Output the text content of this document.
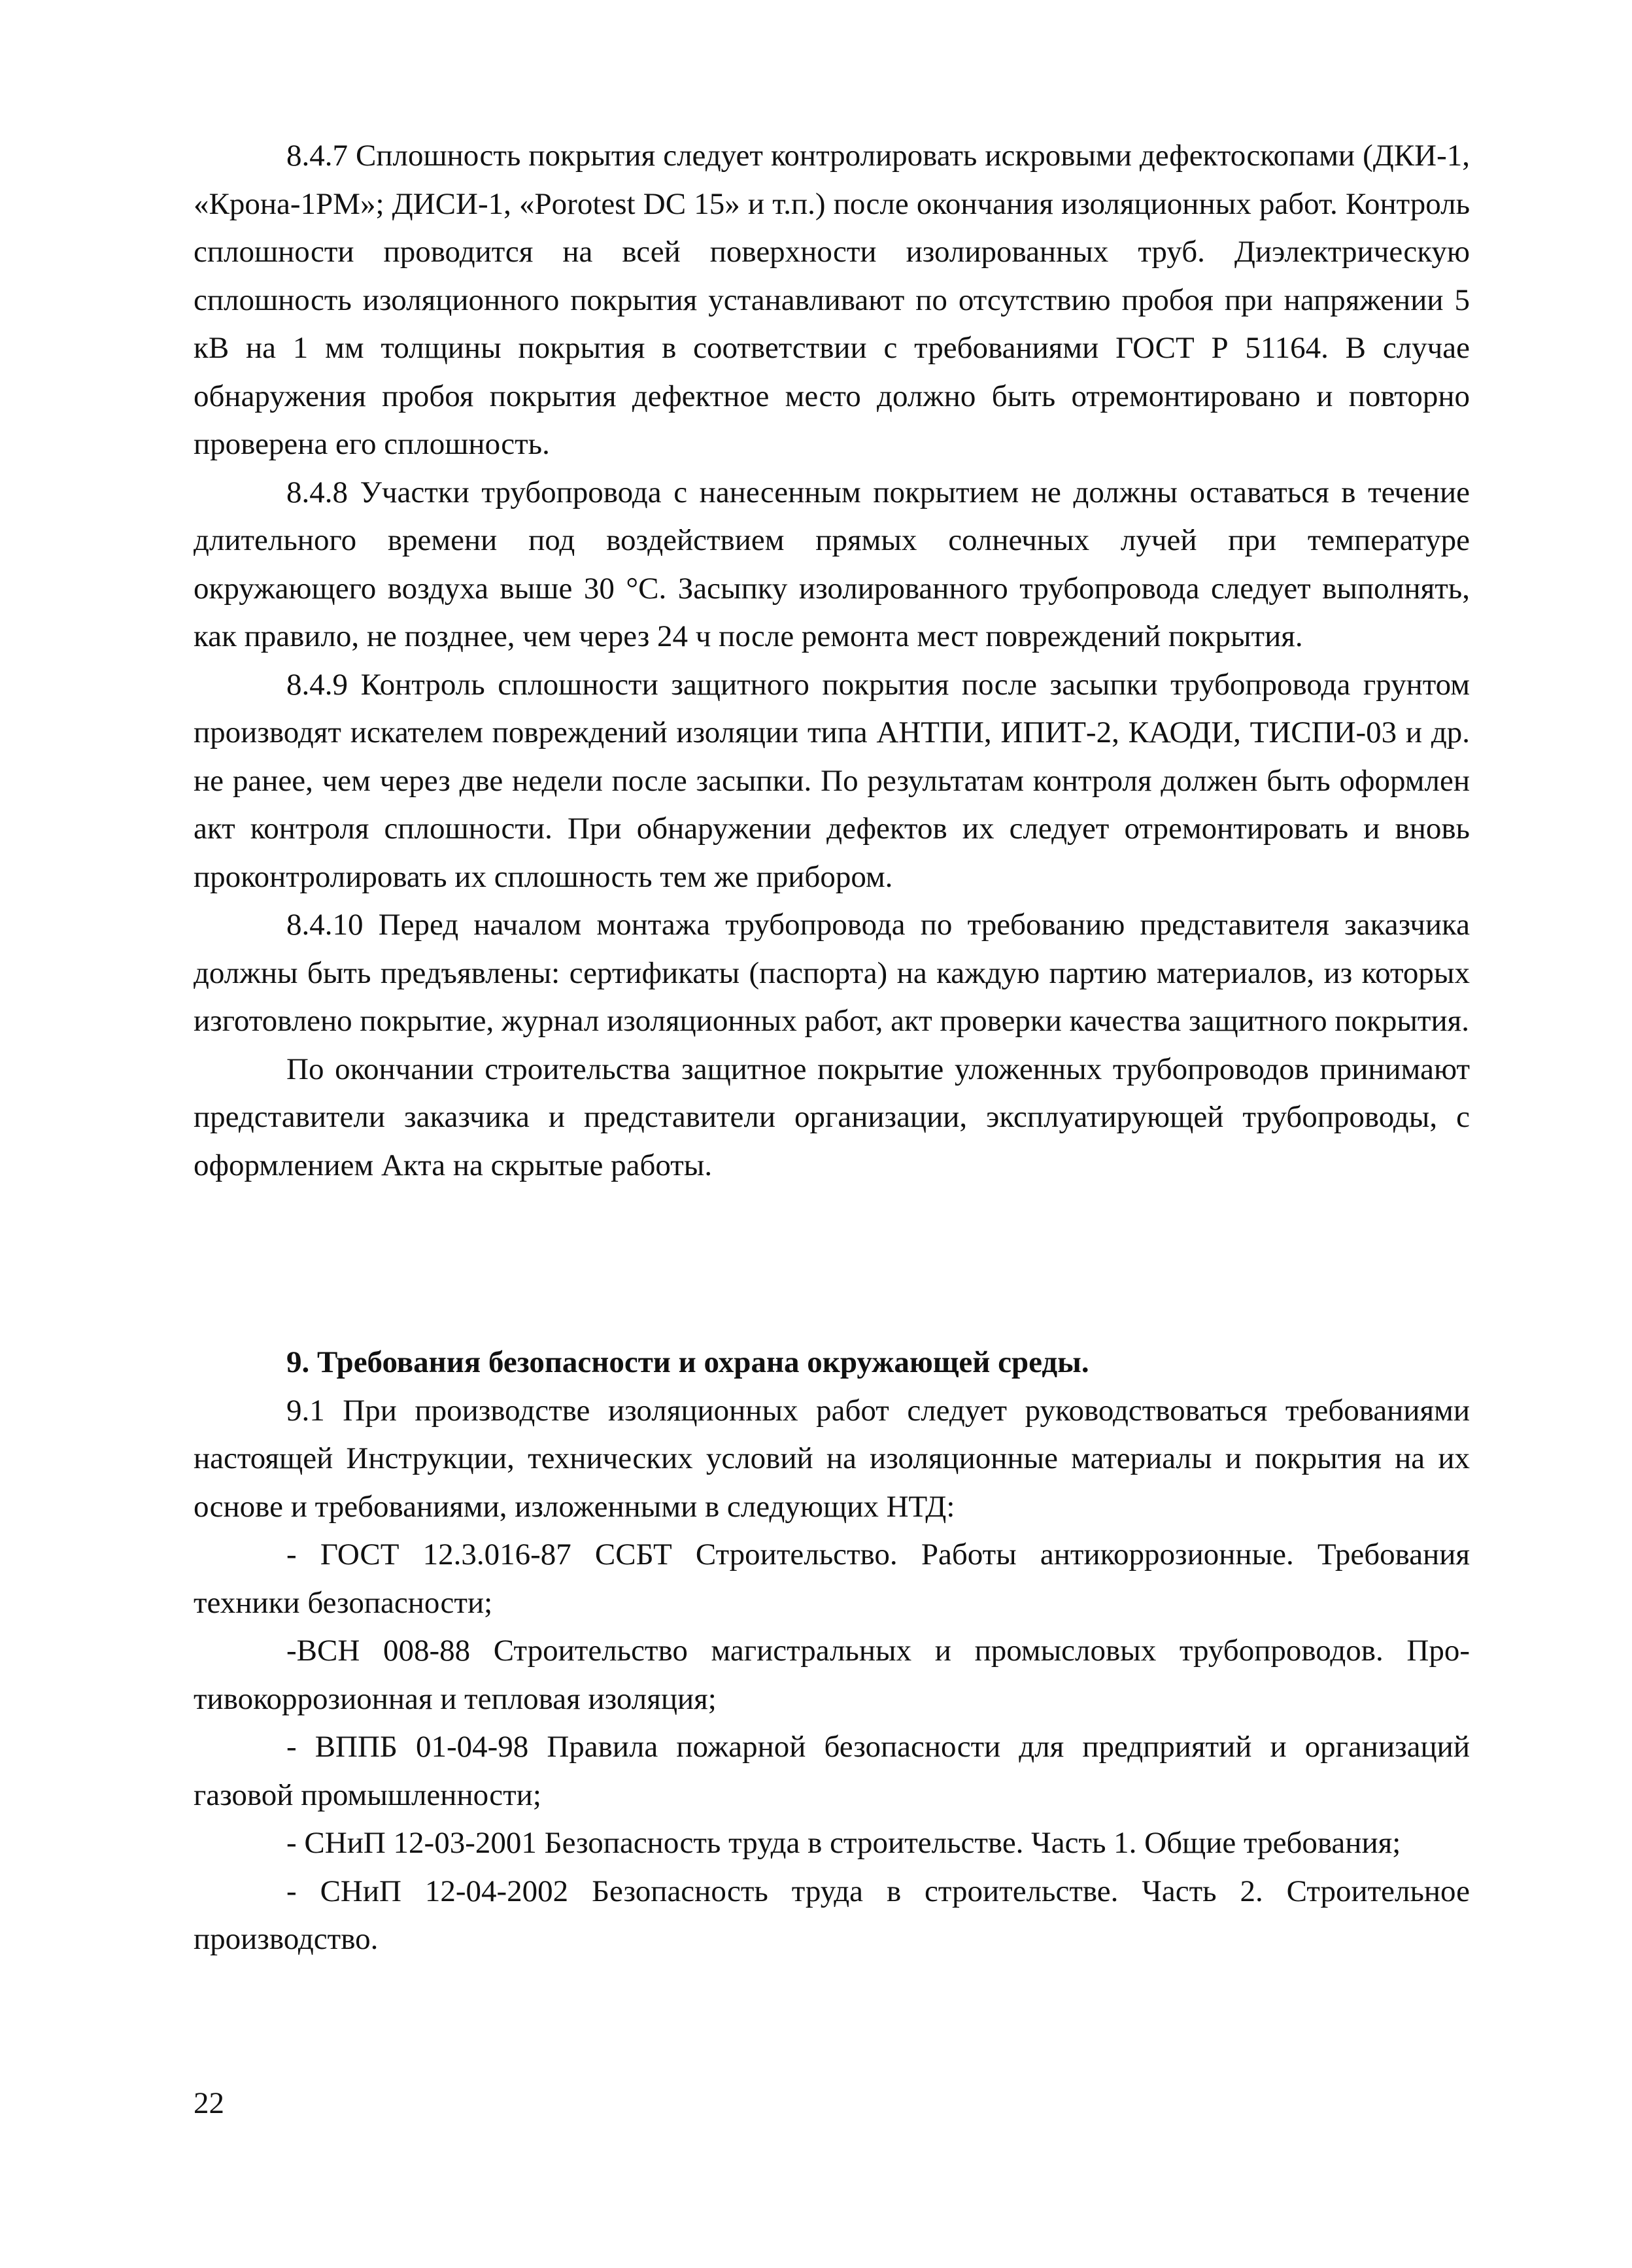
8.4.7 Сплошность покрытия следует контролировать искровыми дефектоскопами (ДКИ-1, «Крона-1РМ»; ДИСИ-1, «Porotest DC 15» и т.п.) после окончания изоляционных работ. Контроль сплошности проводится на всей поверхности изолированных труб. Диэлектрическую сплошность изоляционного покрытия устанавливают по отсутствию пробоя при напряжении 5 кВ на 1 мм толщины покрытия в соответствии с требованиями ГОСТ Р 51164. В случае обнаружения пробоя покрытия дефектное место должно быть отремонтировано и повторно проверена его сплошность.

8.4.8 Участки трубопровода с нанесенным покрытием не должны оставаться в течение длительного времени под воздействием прямых солнечных лучей при температуре окружающего воздуха выше 30 °С. Засыпку изолированного трубопровода следует выполнять, как правило, не позднее, чем через 24 ч после ремонта мест повреждений покрытия.

8.4.9 Контроль сплошности защитного покрытия после засыпки трубопровода грунтом производят искателем повреждений изоляции типа АНТПИ, ИПИТ-2, КАОДИ, ТИСПИ-03 и др. не ранее, чем через две недели после засыпки. По результатам контроля должен быть оформлен акт контроля сплошности. При обнаружении дефектов их следует отремонтировать и вновь проконтролировать их сплошность тем же прибором.

8.4.10 Перед началом монтажа трубопровода по требованию представителя заказчика должны быть предъявлены: сертификаты (паспорта) на каждую партию материалов, из которых изготовлено покрытие, журнал изоляционных работ, акт проверки качества защитного покрытия.

По окончании строительства защитное покрытие уложенных трубопроводов принимают представители заказчика и представители организации, эксплуатирующей трубопроводы, с оформлением Акта на скрытые работы.

9. Требования безопасности и охрана окружающей среды.

9.1 При производстве изоляционных работ следует руководствоваться требованиями настоящей Инструкции, технических условий на изоляционные материалы и покрытия на их основе и требованиями, изложенными в следующих НТД:

- ГОСТ 12.3.016-87 ССБТ Строительство. Работы антикоррозионные. Требования техники безопасности;

-ВСН 008-88 Строительство магистральных и промысловых трубопроводов. Противокоррозионная и тепловая изоляция;

- ВППБ 01-04-98 Правила пожарной безопасности для предприятий и организаций газовой промышленности;

- СНиП 12-03-2001 Безопасность труда в строительстве. Часть 1. Общие требования;

- СНиП 12-04-2002 Безопасность труда в строительстве. Часть 2. Строительное производство.

22
